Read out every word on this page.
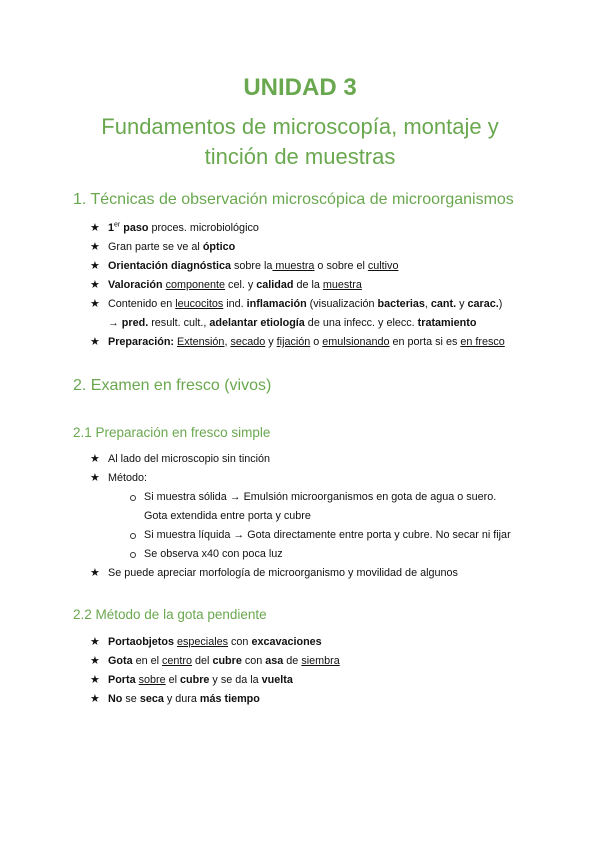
UNIDAD 3
Fundamentos de microscopía, montaje y
tinción de muestras
1. Técnicas de observación microscópica de microorganismos
★ 1er paso proces. microbiológico
★ Gran parte se ve al óptico
★ Orientación diagnóstica sobre la muestra o sobre el cultivo
★ Valoración componente cel. y calidad de la muestra
★ Contenido en leucocitos ind. inflamación (visualización bacterias, cant. y carac.)
→ pred. result. cult., adelantar etiología de una infecc. y elecc. tratamiento
★ Preparación: Extensión, secado y fijación o emulsionando en porta si es en fresco
2. Examen en fresco (vivos)
2.1 Preparación en fresco simple
★ Al lado del microscopio sin tinción
★ Método:
Si muestra sólida → Emulsión microorganismos en gota de agua o suero.
Gota extendida entre porta y cubre
Si muestra líquida → Gota directamente entre porta y cubre. No secar ni fijar
Se observa x40 con poca luz
★ Se puede apreciar morfología de microorganismo y movilidad de algunos
2.2 Método de la gota pendiente
★ Portaobjetos especiales con excavaciones
★ Gota en el centro del cubre con asa de siembra
★ Porta sobre el cubre y se da la vuelta
★ No se seca y dura más tiempo
